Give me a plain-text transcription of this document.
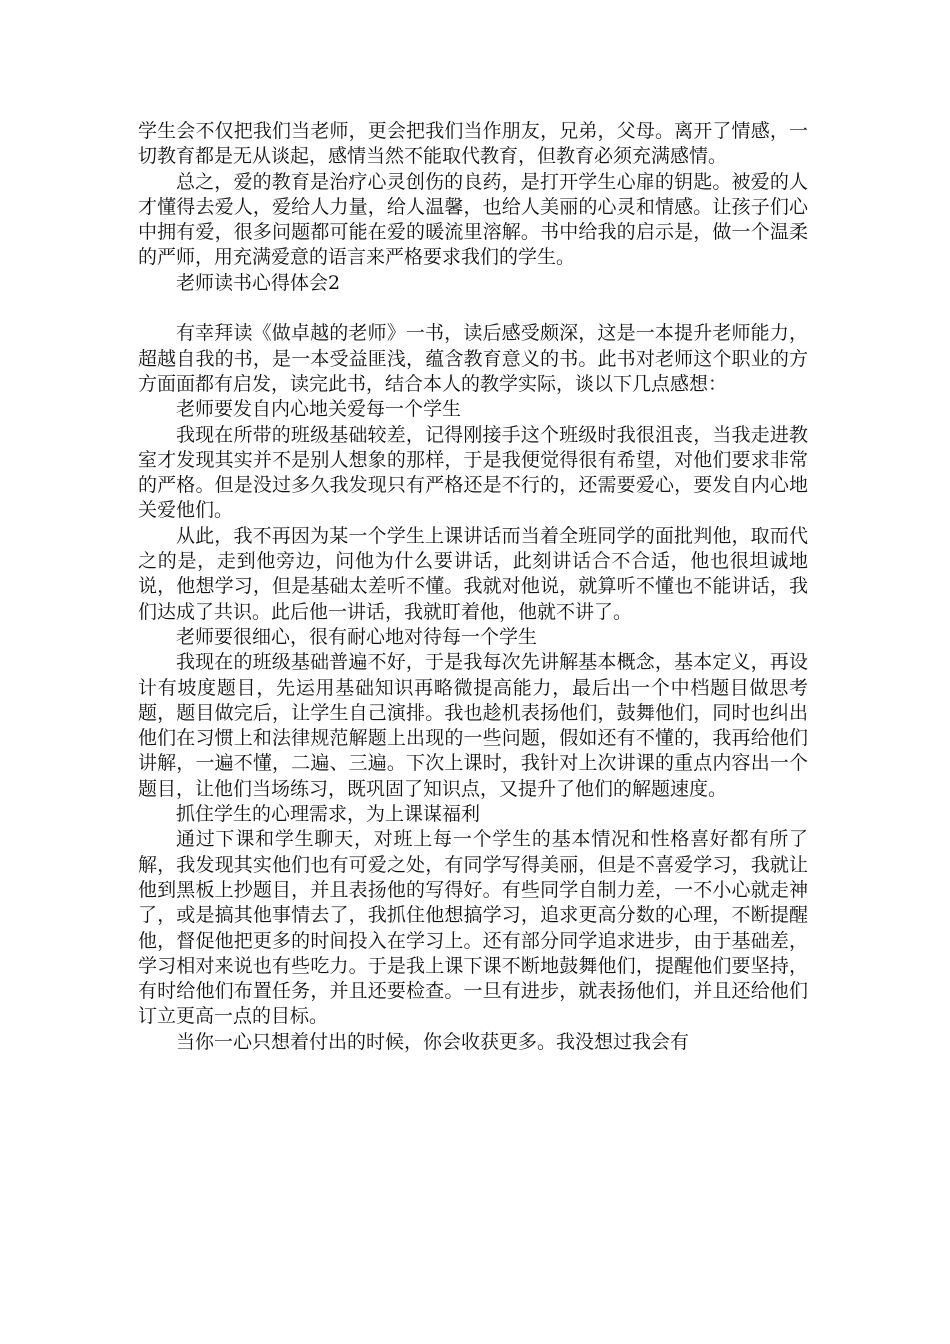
学生会不仅把我们当老师，更会把我们当作朋友，兄弟，父母。离开了情感，一切教育都是无从谈起，感情当然不能取代教育，但教育必须充满感情。

总之，爱的教育是治疗心灵创伤的良药，是打开学生心扉的钥匙。被爱的人才懂得去爱人，爱给人力量，给人温馨，也给人美丽的心灵和情感。让孩子们心中拥有爱，很多问题都可能在爱的暖流里溶解。书中给我的启示是，做一个温柔的严师，用充满爱意的语言来严格要求我们的学生。

老师读书心得体会2

有幸拜读《做卓越的老师》一书，读后感受颇深，这是一本提升老师能力，超越自我的书，是一本受益匪浅，蕴含教育意义的书。此书对老师这个职业的方方面面都有启发，读完此书，结合本人的教学实际，谈以下几点感想：

老师要发自内心地关爱每一个学生

我现在所带的班级基础较差，记得刚接手这个班级时我很沮丧，当我走进教室才发现其实并不是别人想象的那样，于是我便觉得很有希望，对他们要求非常的严格。但是没过多久我发现只有严格还是不行的，还需要爱心，要发自内心地关爱他们。

从此，我不再因为某一个学生上课讲话而当着全班同学的面批判他，取而代之的是，走到他旁边，问他为什么要讲话，此刻讲话合不合适，他也很坦诚地说，他想学习，但是基础太差听不懂。我就对他说，就算听不懂也不能讲话，我们达成了共识。此后他一讲话，我就盯着他，他就不讲了。

老师要很细心，很有耐心地对待每一个学生

我现在的班级基础普遍不好，于是我每次先讲解基本概念，基本定义，再设计有坡度题目，先运用基础知识再略微提高能力，最后出一个中档题目做思考题，题目做完后，让学生自己演排。我也趁机表扬他们，鼓舞他们，同时也纠出他们在习惯上和法律规范解题上出现的一些问题，假如还有不懂的，我再给他们讲解，一遍不懂，二遍、三遍。下次上课时，我针对上次讲课的重点内容出一个题目，让他们当场练习，既巩固了知识点，又提升了他们的解题速度。

抓住学生的心理需求，为上课谋福利

通过下课和学生聊天，对班上每一个学生的基本情况和性格喜好都有所了解，我发现其实他们也有可爱之处，有同学写得美丽，但是不喜爱学习，我就让他到黑板上抄题目，并且表扬他的写得好。有些同学自制力差，一不小心就走神了，或是搞其他事情去了，我抓住他想搞学习，追求更高分数的心理，不断提醒他，督促他把更多的时间投入在学习上。还有部分同学追求进步，由于基础差，学习相对来说也有些吃力。于是我上课下课不断地鼓舞他们，提醒他们要坚持，有时给他们布置任务，并且还要检查。一旦有进步，就表扬他们，并且还给他们订立更高一点的目标。

当你一心只想着付出的时候，你会收获更多。我没想过我会有
